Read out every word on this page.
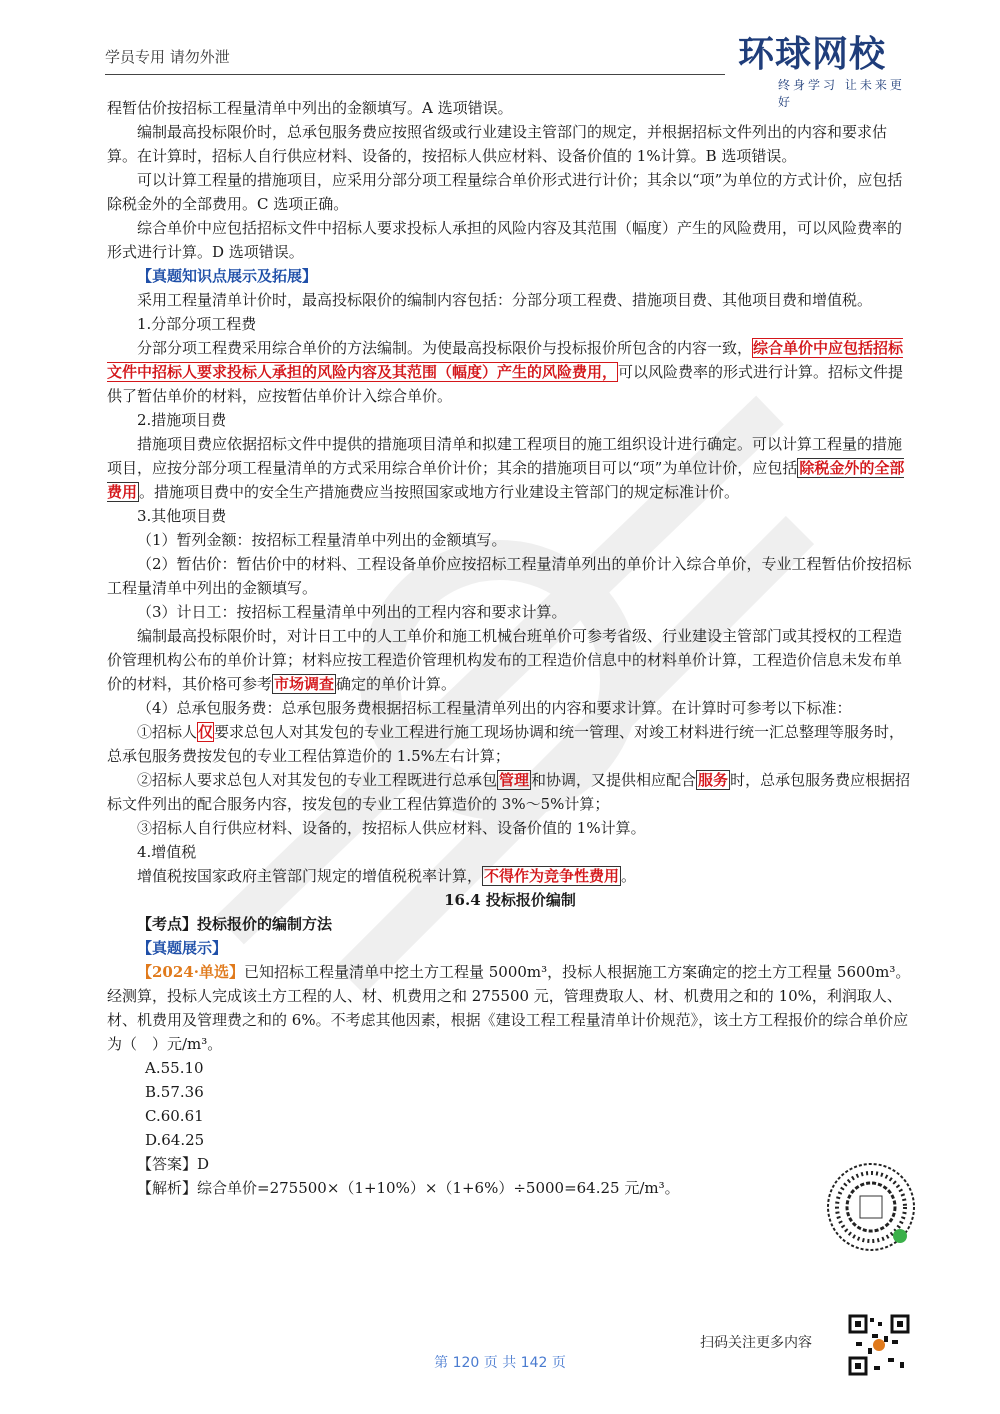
学员专用 请勿外泄	环球网校
终身学习 让未来更好

程暂估价按招标工程量清单中列出的金额填写。A 选项错误。

编制最高投标限价时，总承包服务费应按照省级或行业建设主管部门的规定，并根据招标文件列出的内容和要求估算。在计算时，招标人自行供应材料、设备的，按招标人供应材料、设备价值的 1%计算。B 选项错误。

可以计算工程量的措施项目，应采用分部分项工程量综合单价形式进行计价；其余以“项”为单位的方式计价，应包括除税金外的全部费用。C 选项正确。

综合单价中应包括招标文件中招标人要求投标人承担的风险内容及其范围（幅度）产生的风险费用，可以风险费率的形式进行计算。D 选项错误。

【真题知识点展示及拓展】

采用工程量清单计价时，最高投标限价的编制内容包括：分部分项工程费、措施项目费、其他项目费和增值税。

1.分部分项工程费

分部分项工程费采用综合单价的方法编制。为使最高投标限价与投标报价所包含的内容一致，综合单价中应包括招标文件中招标人要求投标人承担的风险内容及其范围（幅度）产生的风险费用，可以风险费率的形式进行计算。招标文件提供了暂估单价的材料，应按暂估单价计入综合单价。

2.措施项目费

措施项目费应依据招标文件中提供的措施项目清单和拟建工程项目的施工组织设计进行确定。可以计算工程量的措施项目，应按分部分项工程量清单的方式采用综合单价计价；其余的措施项目可以“项”为单位计价，应包括 除税金外的全部费用 。措施项目费中的安全生产措施费应当按照国家或地方行业建设主管部门的规定标准计价。

3.其他项目费

（1）暂列金额：按招标工程量清单中列出的金额填写。

（2）暂估价：暂估价中的材料、工程设备单价应按招标工程量清单列出的单价计入综合单价，专业工程暂估价按招标工程量清单中列出的金额填写。

（3）计日工：按招标工程量清单中列出的工程内容和要求计算。

编制最高投标限价时，对计日工中的人工单价和施工机械台班单价可参考省级、行业建设主管部门或其授权的工程造价管理机构公布的单价计算；材料应按工程造价管理机构发布的工程造价信息中的材料单价计算，工程造价信息未发布单价的材料，其价格可参考 市场调查 确定的单价计算。

（4）总承包服务费：总承包服务费根据招标工程量清单列出的内容和要求计算。在计算时可参考以下标准：

①招标人仅要求总包人对其发包的专业工程进行施工现场协调和统一管理、对竣工材料进行统一汇总整理等服务时，总承包服务费按发包的专业工程估算造价的 1.5%左右计算；

②招标人要求总包人对其发包的专业工程既进行总承包 管理 和协调，又提供相应配合 服务 时，总承包服务费应根据招标文件列出的配合服务内容，按发包的专业工程估算造价的 3%～5%计算；

③招标人自行供应材料、设备的，按招标人供应材料、设备价值的 1%计算。

4.增值税

增值税按国家政府主管部门规定的增值税税率计算， 不得作为竞争性费用 。

16.4 投标报价编制

【考点】投标报价的编制方法

【真题展示】

【2024·单选】已知招标工程量清单中挖土方工程量 5000m³，投标人根据施工方案确定的挖土方工程量 5600m³。经测算，投标人完成该土方工程的人、材、机费用之和 275500 元，管理费取人、材、机费用之和的 10%，利润取人、材、机费用及管理费之和的 6%。不考虑其他因素，根据《建设工程工程量清单计价规范》，该土方工程报价的综合单价应为（　）元/m³。

A.55.10

B.57.36

C.60.61

D.64.25

【答案】D

【解析】综合单价=275500×（1+10%）×（1+6%）÷5000=64.25 元/m³。

扫码关注更多内容
第 120 页 共 142 页
